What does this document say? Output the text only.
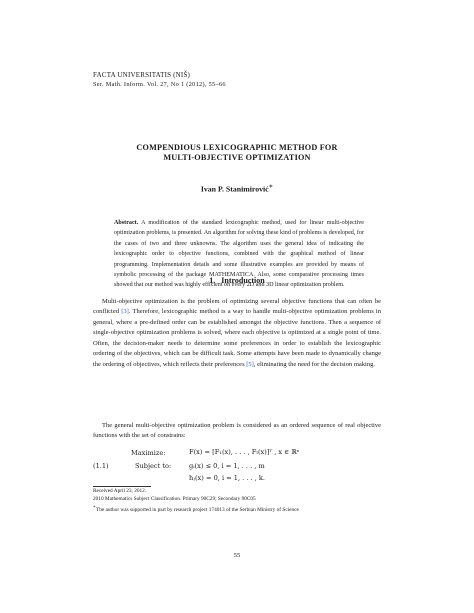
FACTA UNIVERSITATIS (NIŠ)
Ser. Math. Inform. Vol. 27, No 1 (2012), 55–66
COMPENDIOUS LEXICOGRAPHIC METHOD FOR
MULTI-OBJECTIVE OPTIMIZATION
Ivan P. Stanimirović∗
Abstract. A modification of the standard lexicographic method, used for linear multi-objective optimization problems, is presented. An algorithm for solving these kind of problems is developed, for the cases of two and three unknowns. The algorithm uses the general idea of indicating the lexicographic order to objective functions, combined with the graphical method of linear programming. Implementation details and some illustrative examples are provided by means of symbolic processing of the package MATHEMATICA. Also, some comparative processing times showed that our method was highly efficient on every 2D and 3D linear optimization problem.
1. Introduction
Multi-objective optimization is the problem of optimizing several objective functions that can often be conflicted [3]. Therefore, lexicographic method is a way to handle multi-objective optimization problems in general, where a pre-defined order can be established amongst the objective functions. Then a sequence of single-objective optimization problems is solved, where each objective is optimized at a single point of time. Often, the decision-maker needs to determine some preferences in order to establish the lexicographic ordering of the objectives, which can be difficult task. Some attempts have been made to dynamically change the ordering of objectives, which reflects their preferences [5], eliminating the need for the decision making.
The general multi-objective optimization problem is considered as an ordered sequence of real objective functions with the set of constrains:
(1.1)
Maximize:
Subject to:
F(x) = [F₁(x), . . . , Fₗ(x)]ᵀ , x ∈ ℝⁿ
gᵢ(x) ≤ 0, i = 1, . . . , m
hⱼ(x) = 0, i = 1, . . . , k.
Received April 23, 2012.
2010 Mathematics Subject Classification. Primary 90C29; Secondary 90C05
∗The author was supported in part by research project 174013 of the Serbian Ministry of Science
55
